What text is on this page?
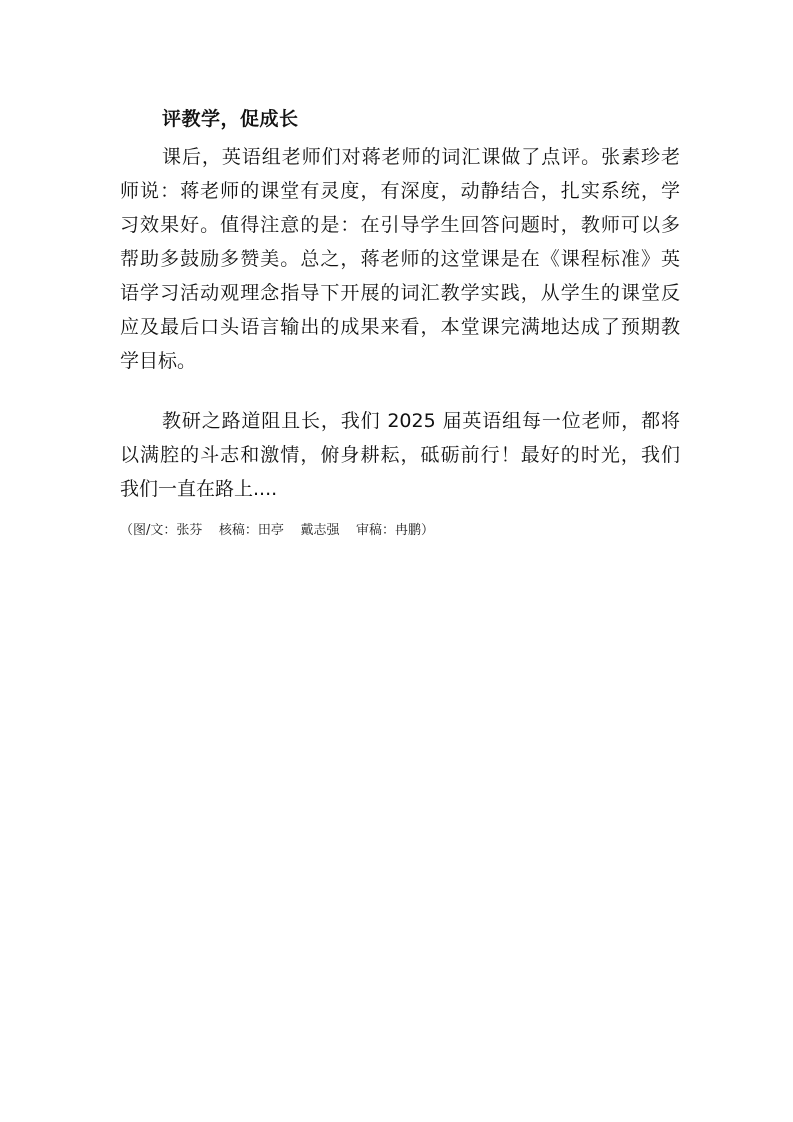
评教学，促成长
课后，英语组老师们对蒋老师的词汇课做了点评。张素珍老
师说：蒋老师的课堂有灵度，有深度，动静结合，扎实系统，学
习效果好。值得注意的是：在引导学生回答问题时，教师可以多
帮助多鼓励多赞美。总之，蒋老师的这堂课是在《课程标准》英
语学习活动观理念指导下开展的词汇教学实践，从学生的课堂反
应及最后口头语言输出的成果来看，本堂课完满地达成了预期教
学目标。
教研之路道阻且长，我们 2025 届英语组每一位老师，都将
以满腔的斗志和激情，俯身耕耘，砥砺前行！最好的时光，我们
我们一直在路上....
（图/文：张芬    核稿：田亭    戴志强    审稿：冉鹏）
